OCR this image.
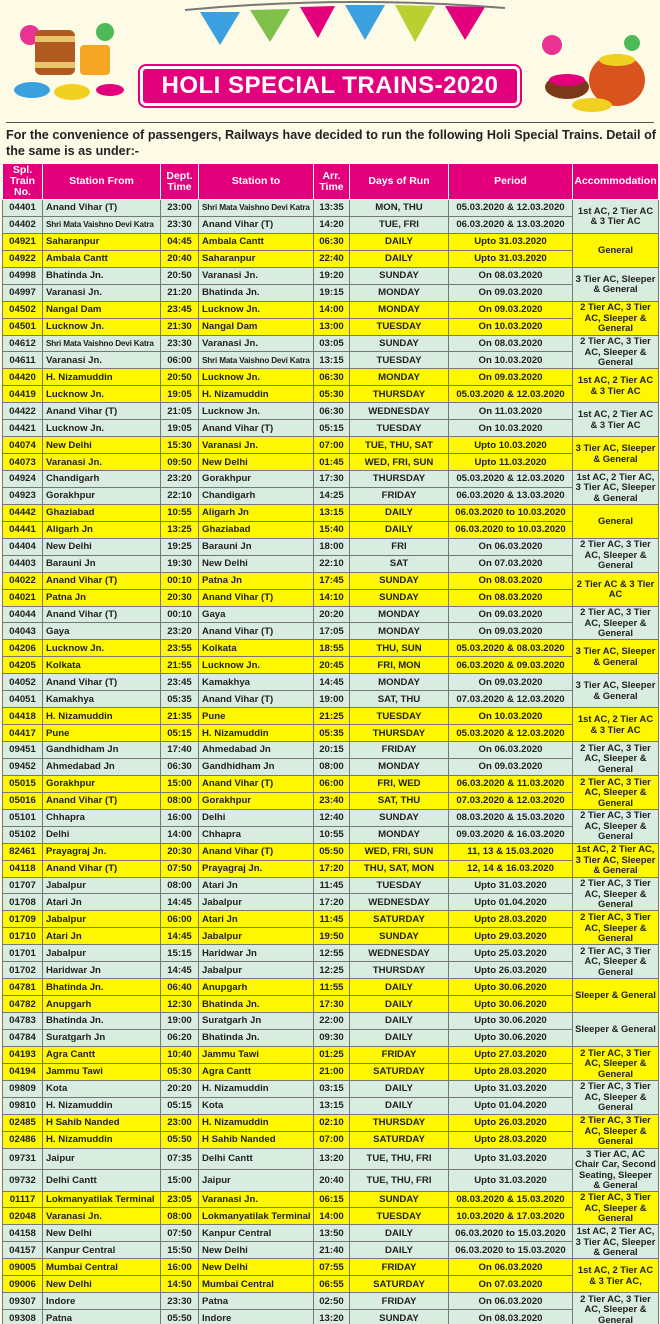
HOLI SPECIAL TRAINS-2020
For the convenience of passengers, Railways have decided to run the following Holi Special Trains. Detail of the same is as under:-
Spl. Train No.	Station From	Dept. Time	Station to	Arr. Time	Days of Run	Period	Accommodation
04401	Anand Vihar (T)	23:00	Shri Mata Vaishno Devi Katra	13:35	MON, THU	05.03.2020 & 12.03.2020	1st AC, 2 Tier AC & 3 Tier AC
04402	Shri Mata Vaishno Devi Katra	23:30	Anand Vihar (T)	14:20	TUE, FRI	06.03.2020 & 13.03.2020	
04921	Saharanpur	04:45	Ambala Cantt	06:30	DAILY	Upto 31.03.2020	General
04922	Ambala Cantt	20:40	Saharanpur	22:40	DAILY	Upto 31.03.2020	
04998	Bhatinda Jn.	20:50	Varanasi Jn.	19:20	SUNDAY	On 08.03.2020	3 Tier AC, Sleeper & General
04997	Varanasi Jn.	21:20	Bhatinda Jn.	19:15	MONDAY	On 09.03.2020	
04502	Nangal Dam	23:45	Lucknow Jn.	14:00	MONDAY	On 09.03.2020	2 Tier AC, 3 Tier AC, Sleeper & General
04501	Lucknow Jn.	21:30	Nangal Dam	13:00	TUESDAY	On 10.03.2020	
04612	Shri Mata Vaishno Devi Katra	23:30	Varanasi Jn.	03:05	SUNDAY	On 08.03.2020	2 Tier AC, 3 Tier AC, Sleeper & General
04611	Varanasi Jn.	06:00	Shri Mata Vaishno Devi Katra	13:15	TUESDAY	On 10.03.2020	
04420	H. Nizamuddin	20:50	Lucknow Jn.	06:30	MONDAY	On 09.03.2020	1st AC, 2 Tier AC & 3 Tier AC
04419	Lucknow Jn.	19:05	H. Nizamuddin	05:30	THURSDAY	05.03.2020 & 12.03.2020	
04422	Anand Vihar (T)	21:05	Lucknow Jn.	06:30	WEDNESDAY	On 11.03.2020	1st AC, 2 Tier AC & 3 Tier AC
04421	Lucknow Jn.	19:05	Anand Vihar (T)	05:15	TUESDAY	On 10.03.2020	
04074	New Delhi	15:30	Varanasi Jn.	07:00	TUE, THU, SAT	Upto 10.03.2020	3 Tier AC, Sleeper & General
04073	Varanasi Jn.	09:50	New Delhi	01:45	WED, FRI, SUN	Upto 11.03.2020	
04924	Chandigarh	23:20	Gorakhpur	17:30	THURSDAY	05.03.2020 & 12.03.2020	1st AC, 2 Tier AC, 3 Tier AC, Sleeper & General
04923	Gorakhpur	22:10	Chandigarh	14:25	FRIDAY	06.03.2020 & 13.03.2020	
04442	Ghaziabad	10:55	Aligarh Jn	13:15	DAILY	06.03.2020 to 10.03.2020	General
04441	Aligarh Jn	13:25	Ghaziabad	15:40	DAILY	06.03.2020 to 10.03.2020	
04404	New Delhi	19:25	Barauni Jn	18:00	FRI	On 06.03.2020	2 Tier AC, 3 Tier AC, Sleeper & General
04403	Barauni Jn	19:30	New Delhi	22:10	SAT	On 07.03.2020	
04022	Anand Vihar (T)	00:10	Patna Jn	17:45	SUNDAY	On 08.03.2020	2 Tier AC & 3 Tier AC
04021	Patna Jn	20:30	Anand Vihar (T)	14:10	SUNDAY	On 08.03.2020	
04044	Anand Vihar (T)	00:10	Gaya	20:20	MONDAY	On 09.03.2020	2 Tier AC, 3 Tier AC, Sleeper & General
04043	Gaya	23:20	Anand Vihar (T)	17:05	MONDAY	On 09.03.2020	
04206	Lucknow Jn.	23:55	Kolkata	18:55	THU, SUN	05.03.2020 & 08.03.2020	3 Tier AC, Sleeper & General
04205	Kolkata	21:55	Lucknow Jn.	20:45	FRI, MON	06.03.2020 & 09.03.2020	
04052	Anand Vihar (T)	23:45	Kamakhya	14:45	MONDAY	On 09.03.2020	3 Tier AC, Sleeper & General
04051	Kamakhya	05:35	Anand Vihar (T)	19:00	SAT, THU	07.03.2020 & 12.03.2020	
04418	H. Nizamuddin	21:35	Pune	21:25	TUESDAY	On 10.03.2020	1st AC, 2 Tier AC & 3 Tier AC
04417	Pune	05:15	H. Nizamuddin	05:35	THURSDAY	05.03.2020 & 12.03.2020	
09451	Gandhidham Jn	17:40	Ahmedabad Jn	20:15	FRIDAY	On 06.03.2020	2 Tier AC, 3 Tier AC, Sleeper & General
09452	Ahmedabad Jn	06:30	Gandhidham Jn	08:00	MONDAY	On 09.03.2020	
05015	Gorakhpur	15:00	Anand Vihar (T)	06:00	FRI, WED	06.03.2020 & 11.03.2020	2 Tier AC, 3 Tier AC, Sleeper & General
05016	Anand Vihar (T)	08:00	Gorakhpur	23:40	SAT, THU	07.03.2020 & 12.03.2020	
05101	Chhapra	16:00	Delhi	12:40	SUNDAY	08.03.2020 & 15.03.2020	2 Tier AC, 3 Tier AC, Sleeper & General
05102	Delhi	14:00	Chhapra	10:55	MONDAY	09.03.2020 & 16.03.2020	
82461	Prayagraj Jn.	20:30	Anand Vihar (T)	05:50	WED, FRI, SUN	11, 13 & 15.03.2020	1st AC, 2 Tier AC, 3 Tier AC, Sleeper & General
04118	Anand Vihar (T)	07:50	Prayagraj Jn.	17:20	THU, SAT, MON	12, 14 & 16.03.2020	
01707	Jabalpur	08:00	Atari Jn	11:45	TUESDAY	Upto 31.03.2020	2 Tier AC, 3 Tier AC, Sleeper & General
01708	Atari Jn	14:45	Jabalpur	17:20	WEDNESDAY	Upto 01.04.2020	
01709	Jabalpur	06:00	Atari Jn	11:45	SATURDAY	Upto 28.03.2020	2 Tier AC, 3 Tier AC, Sleeper & General
01710	Atari Jn	14:45	Jabalpur	19:50	SUNDAY	Upto 29.03.2020	
01701	Jabalpur	15:15	Haridwar Jn	12:55	WEDNESDAY	Upto 25.03.2020	2 Tier AC, 3 Tier AC, Sleeper & General
01702	Haridwar Jn	14:45	Jabalpur	12:25	THURSDAY	Upto 26.03.2020	
04781	Bhatinda Jn.	06:40	Anupgarh	11:55	DAILY	Upto 30.06.2020	Sleeper & General
04782	Anupgarh	12:30	Bhatinda Jn.	17:30	DAILY	Upto 30.06.2020	
04783	Bhatinda Jn.	19:00	Suratgarh Jn	22:00	DAILY	Upto 30.06.2020	Sleeper & General
04784	Suratgarh Jn	06:20	Bhatinda Jn.	09:30	DAILY	Upto 30.06.2020	
04193	Agra Cantt	10:40	Jammu Tawi	01:25	FRIDAY	Upto 27.03.2020	2 Tier AC, 3 Tier AC, Sleeper & General
04194	Jammu Tawi	05:30	Agra Cantt	21:00	SATURDAY	Upto 28.03.2020	
09809	Kota	20:20	H. Nizamuddin	03:15	DAILY	Upto 31.03.2020	2 Tier AC, 3 Tier AC, Sleeper & General
09810	H. Nizamuddin	05:15	Kota	13:15	DAILY	Upto 01.04.2020	
02485	H Sahib Nanded	23:00	H. Nizamuddin	02:10	THURSDAY	Upto 26.03.2020	2 Tier AC, 3 Tier AC, Sleeper & General
02486	H. Nizamuddin	05:50	H Sahib Nanded	07:00	SATURDAY	Upto 28.03.2020	
09731	Jaipur	07:35	Delhi Cantt	13:20	TUE, THU, FRI	Upto 31.03.2020	3 Tier AC, AC Chair Car, Second Seating, Sleeper & General
09732	Delhi Cantt	15:00	Jaipur	20:40	TUE, THU, FRI	Upto 31.03.2020	
01117	Lokmanyatilak Terminal	23:05	Varanasi Jn.	06:15	SUNDAY	08.03.2020 & 15.03.2020	2 Tier AC, 3 Tier AC, Sleeper & General
02048	Varanasi Jn.	08:00	Lokmanyatilak Terminal	14:00	TUESDAY	10.03.2020 & 17.03.2020	
04158	New Delhi	07:50	Kanpur Central	13:50	DAILY	06.03.2020 to 15.03.2020	1st AC, 2 Tier AC, 3 Tier AC, Sleeper & General
04157	Kanpur Central	15:50	New Delhi	21:40	DAILY	06.03.2020 to 15.03.2020	
09005	Mumbai Central	16:00	New Delhi	07:55	FRIDAY	On 06.03.2020	1st AC, 2 Tier AC & 3 Tier AC,
09006	New Delhi	14:50	Mumbai Central	06:55	SATURDAY	On 07.03.2020	
09307	Indore	23:30	Patna	02:50	FRIDAY	On 06.03.2020	2 Tier AC, 3 Tier AC, Sleeper & General
09308	Patna	05:50	Indore	13:20	SUNDAY	On 08.03.2020	
